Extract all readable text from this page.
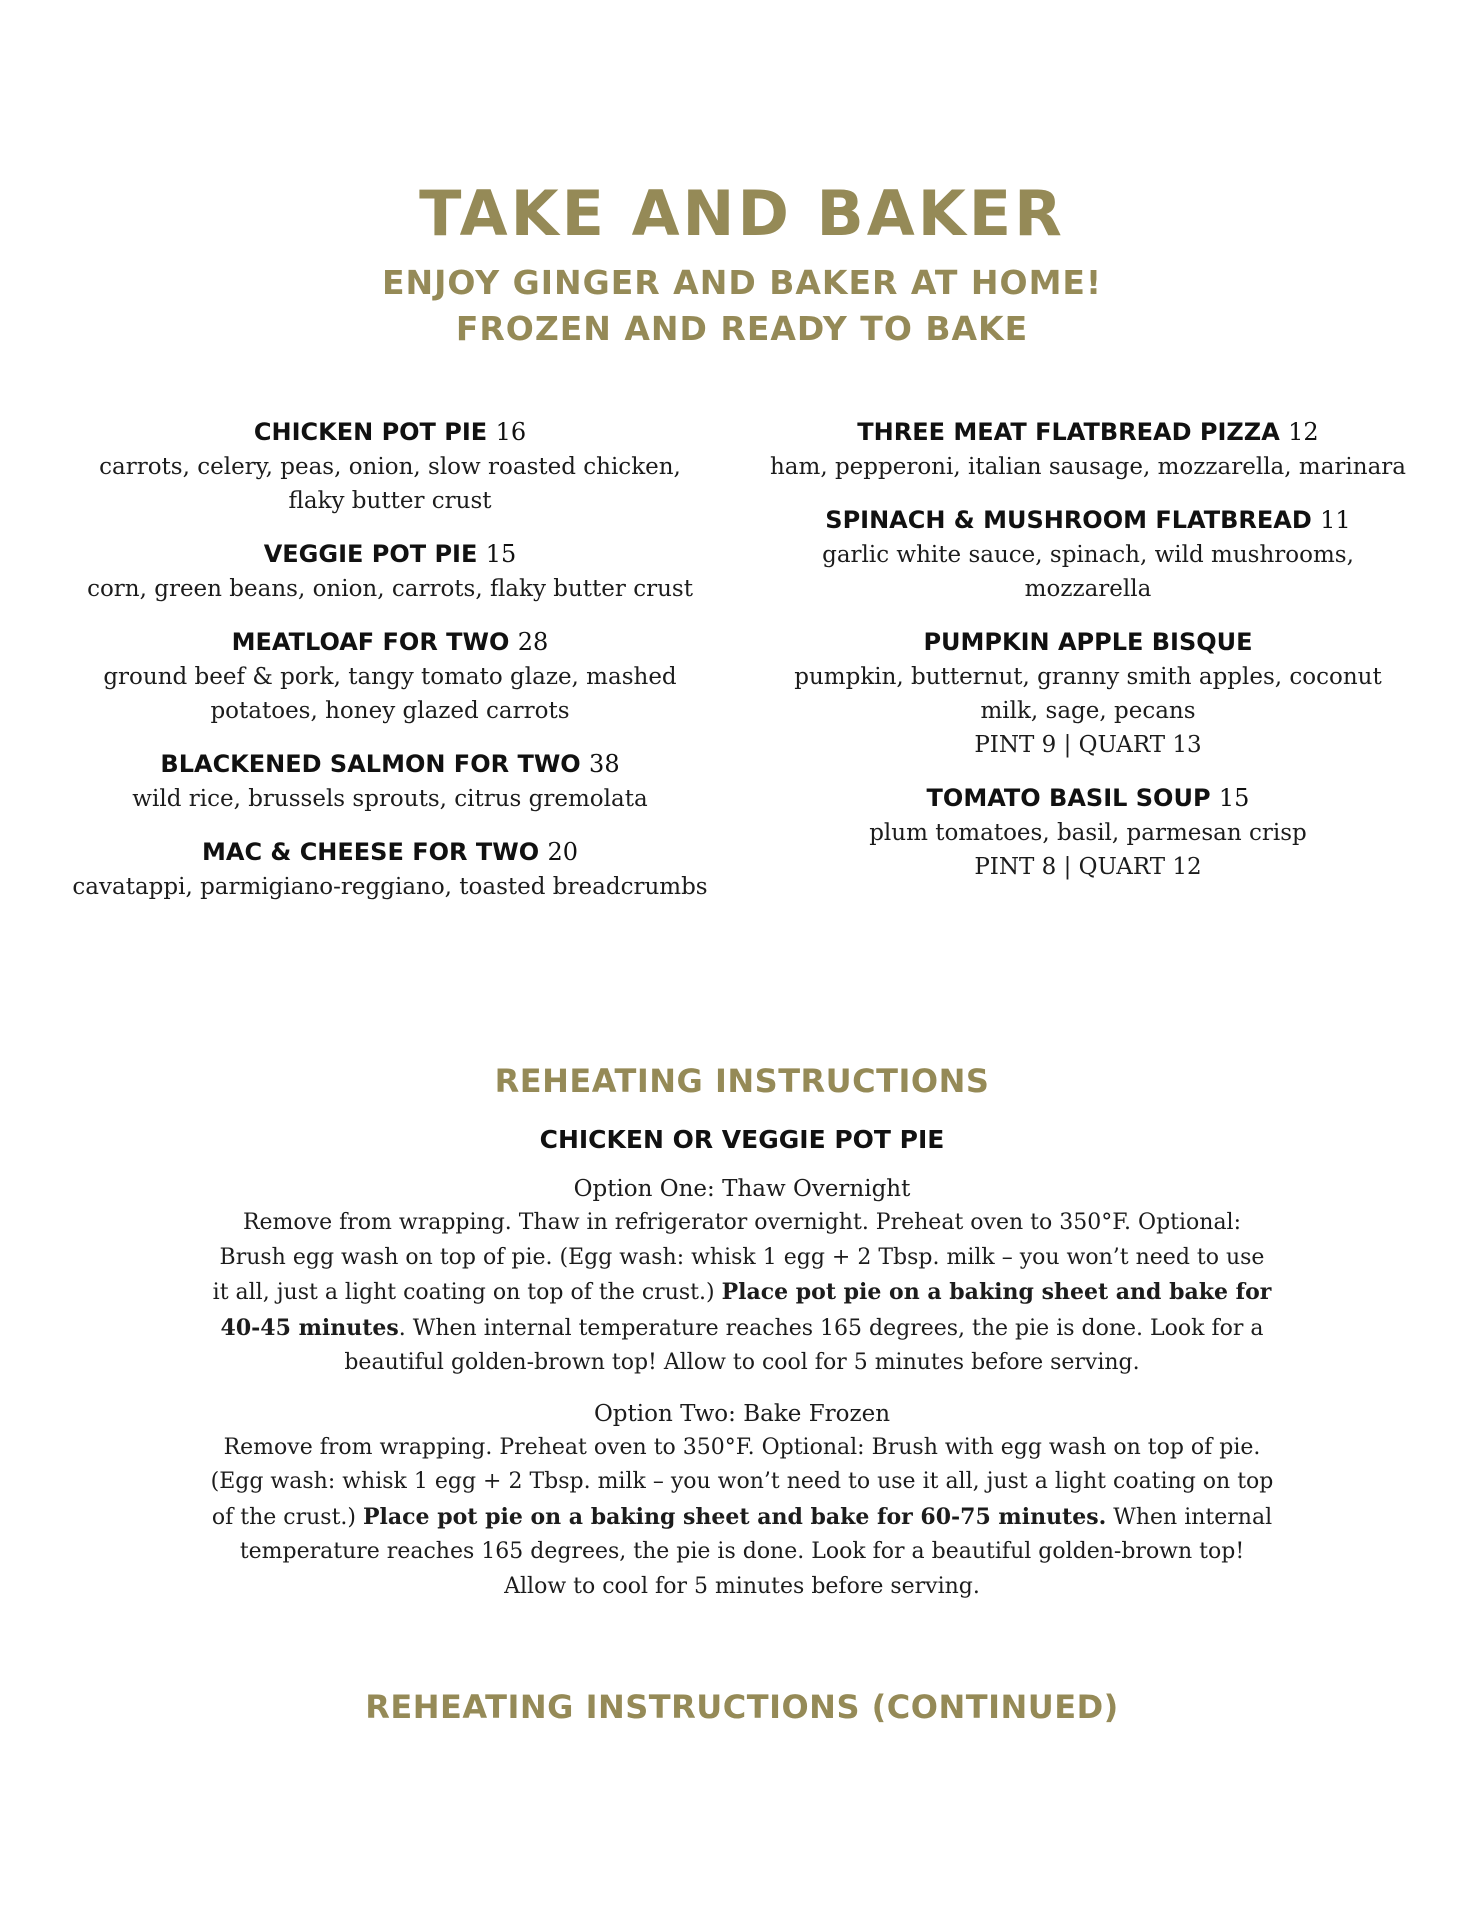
TAKE AND BAKER
ENJOY GINGER AND BAKER AT HOME!
FROZEN AND READY TO BAKE
CHICKEN POT PIE 16
carrots, celery, peas, onion, slow roasted chicken, flaky butter crust
VEGGIE POT PIE 15
corn, green beans, onion, carrots, flaky butter crust
MEATLOAF FOR TWO 28
ground beef & pork, tangy tomato glaze, mashed potatoes, honey glazed carrots
BLACKENED SALMON FOR TWO 38
wild rice, brussels sprouts, citrus gremolata
MAC & CHEESE FOR TWO 20
cavatappi, parmigiano-reggiano, toasted breadcrumbs
THREE MEAT FLATBREAD PIZZA 12
ham, pepperoni, italian sausage, mozzarella, marinara
SPINACH & MUSHROOM FLATBREAD 11
garlic white sauce, spinach, wild mushrooms, mozzarella
PUMPKIN APPLE BISQUE
pumpkin, butternut, granny smith apples, coconut milk, sage, pecans
PINT 9 | QUART 13
TOMATO BASIL SOUP 15
plum tomatoes, basil, parmesan crisp
PINT 8 | QUART 12
REHEATING INSTRUCTIONS
CHICKEN OR VEGGIE POT PIE
Option One: Thaw Overnight
Remove from wrapping. Thaw in refrigerator overnight. Preheat oven to 350°F. Optional: Brush egg wash on top of pie. (Egg wash: whisk 1 egg + 2 Tbsp. milk – you won’t need to use it all, just a light coating on top of the crust.) Place pot pie on a baking sheet and bake for 40-45 minutes. When internal temperature reaches 165 degrees, the pie is done. Look for a beautiful golden-brown top! Allow to cool for 5 minutes before serving.
Option Two: Bake Frozen
Remove from wrapping. Preheat oven to 350°F. Optional: Brush with egg wash on top of pie. (Egg wash: whisk 1 egg + 2 Tbsp. milk – you won’t need to use it all, just a light coating on top of the crust.) Place pot pie on a baking sheet and bake for 60-75 minutes. When internal temperature reaches 165 degrees, the pie is done. Look for a beautiful golden-brown top! Allow to cool for 5 minutes before serving.
REHEATING INSTRUCTIONS (CONTINUED)
